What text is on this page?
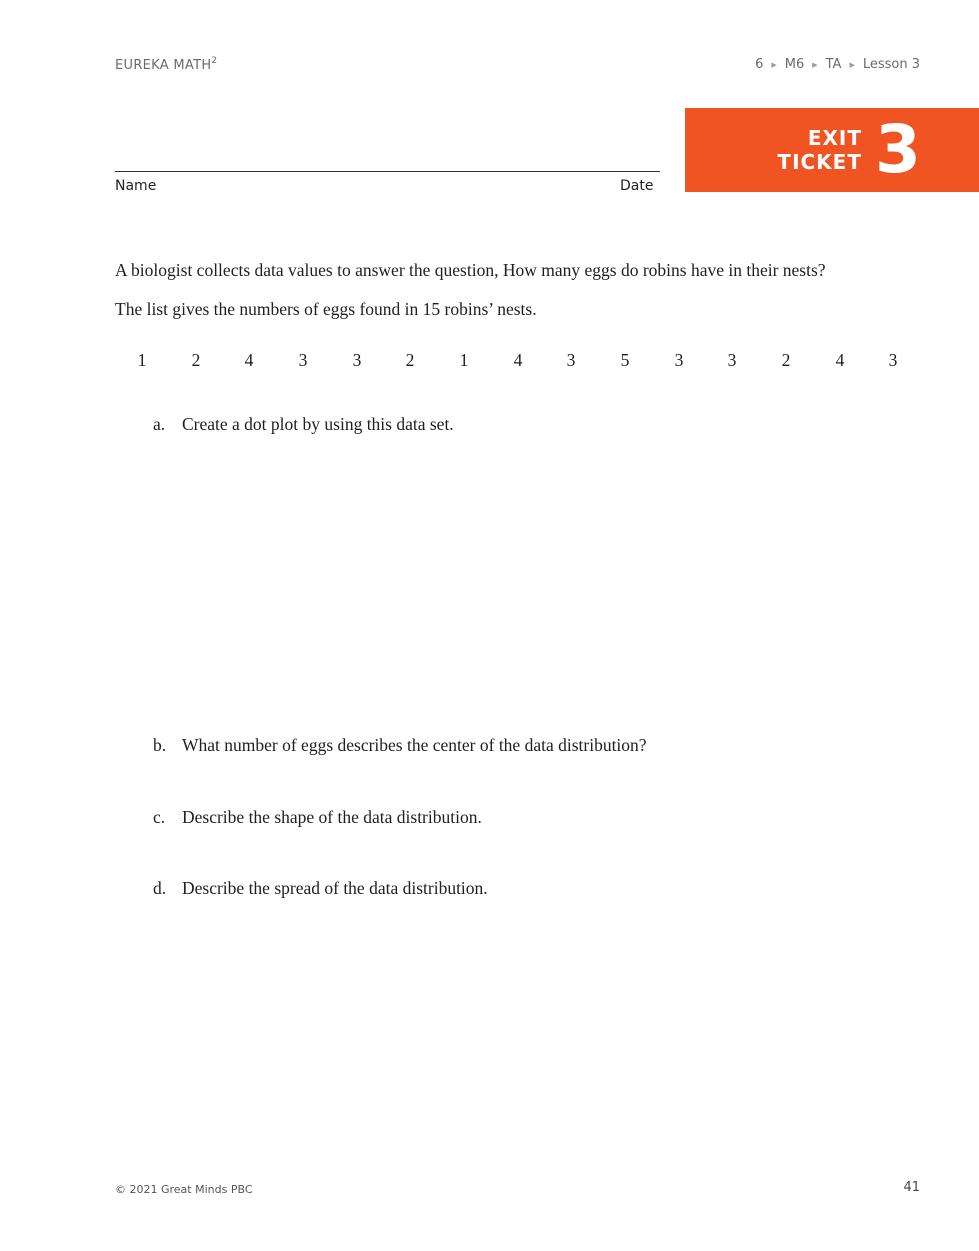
EUREKA MATH$^2$	6 ▶ M6 ▶ TA ▶ Lesson 3
Name	Date
EXIT
TICKET 3

A biologist collects data values to answer the question, How many eggs do robins have in their nests?

The list gives the numbers of eggs found in 15 robins’ nests.

1	2	4	3	3	2	1	4	3	5	3	3	2	4	3
a. Create a dot plot by using this data set.
b. What number of eggs describes the center of the data distribution?
c. Describe the shape of the data distribution.
d. Describe the spread of the data distribution.
© 2021 Great Minds PBC	41
